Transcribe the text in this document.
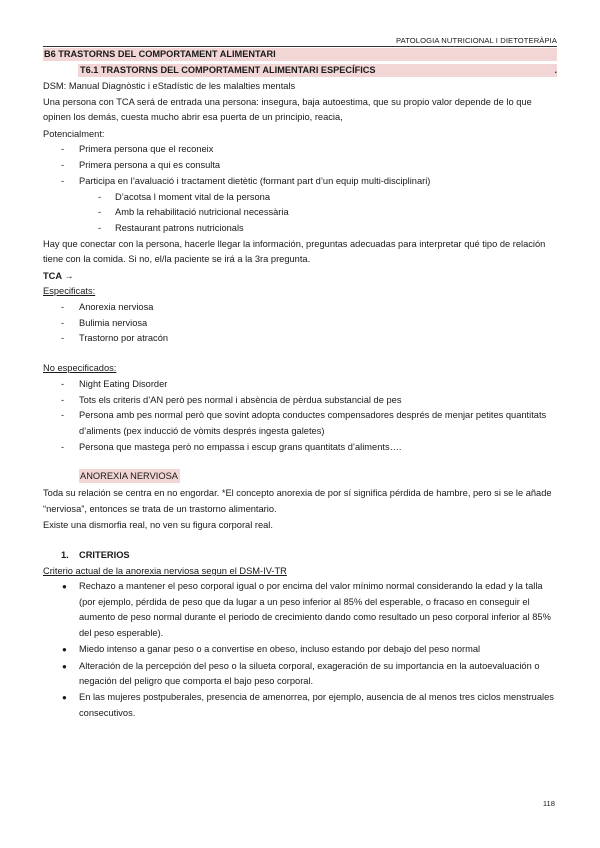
PATOLOGIA NUTRICIONAL I DIETOTERÀPIA
B6 TRASTORNS DEL COMPORTAMENT ALIMENTARI
T6.1 TRASTORNS DEL COMPORTAMENT ALIMENTARI ESPECÍFICS	.
DSM: Manual Diagnòstic i eStadístic de les malalties mentals
Una persona con TCA será de entrada una persona: insegura, baja autoestima, que su propio valor depende de lo que opinen los demás, cuesta mucho abrir esa puerta de un principio, reacia,
Potencialment:
- Primera persona que el reconeix
- Primera persona a qui es consulta
- Participa en l’avaluació i tractament dietètic (formant part d’un equip multi-disciplinari)
- D’acotsa l moment vital de la persona
- Amb la rehabilitació nutricional necessària
- Restaurant patrons nutricionals
Hay que conectar con la persona, hacerle llegar la información, preguntas adecuadas para interpretar qué tipo de relación tiene con la comida. Si no, el/la paciente se irá a la 3ra pregunta.
TCA →
Especificats:
- Anorexia nerviosa
- Bulimia nerviosa
- Trastorno por atracón
No especificados:
- Night Eating Disorder
- Tots els criteris d’AN però pes normal i absència de pèrdua substancial de pes
- Persona amb pes normal però que sovint adopta conductes compensadores després de menjar petites quantitats d’aliments (pex inducció de vòmits després ingesta galetes)
- Persona que mastega però no empassa i escup grans quantitats d’aliments….
ANOREXIA NERVIOSA
Toda su relación se centra en no engordar. *El concepto anorexia de por sí significa pérdida de hambre, pero si se le añade “nerviosa”, entonces se trata de un trastorno alimentario.
Existe una dismorfia real, no ven su figura corporal real.
1. CRITERIOS
Criterio actual de la anorexia nerviosa segun el DSM-IV-TR
● Rechazo a mantener el peso corporal igual o por encima del valor mínimo normal considerando la edad y la talla (por ejemplo, pérdida de peso que da lugar a un peso inferior al 85% del esperable, o fracaso en conseguir el aumento de peso normal durante el periodo de crecimiento dando como resultado un peso corporal inferior al 85% del peso esperable).
● Miedo intenso a ganar peso o a convertise en obeso, incluso estando por debajo del peso normal
● Alteración de la percepción del peso o la silueta corporal, exageración de su importancia en la autoevaluación o negación del peligro que comporta el bajo peso corporal.
● En las mujeres postpuberales, presencia de amenorrea, por ejemplo, ausencia de al menos tres ciclos menstruales consecutivos.
118
